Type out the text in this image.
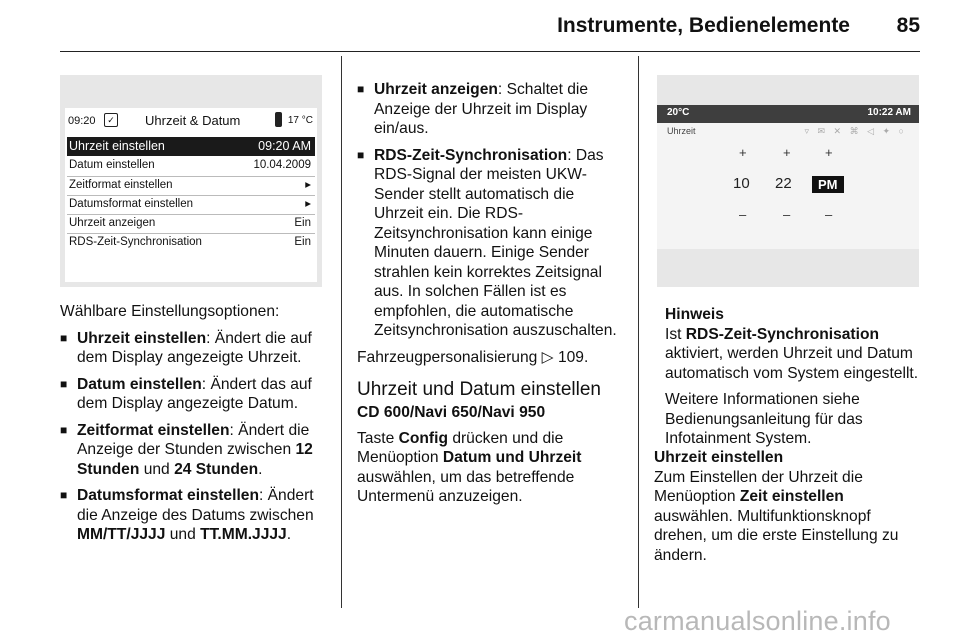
Instrumente, Bedienelemente 85
09:20	✓ Uhrzeit & Datum	17 °C
Uhrzeit einstellen	09:20 AM
Datum einstellen	10.04.2009
Zeitformat einstellen	▸
Datumsformat einstellen	▸
Uhrzeit anzeigen	Ein
RDS-Zeit-Synchronisation	Ein

Wählbare Einstellungsoptionen:

■ Uhrzeit einstellen: Ändert die auf dem Display angezeigte Uhrzeit.
■ Datum einstellen: Ändert das auf dem Display angezeigte Datum.
■ Zeitformat einstellen: Ändert die Anzeige der Stunden zwischen 12 Stunden und 24 Stunden.
■ Datumsformat einstellen: Ändert die Anzeige des Datums zwischen MM/TT/JJJJ und TT.MM.JJJJ.
■ Uhrzeit anzeigen: Schaltet die Anzeige der Uhrzeit im Display ein/aus.
■ RDS-Zeit-Synchronisation: Das RDS-Signal der meisten UKW-Sender stellt automatisch die Uhrzeit ein. Die RDS-Zeitsynchronisation kann einige Minuten dauern. Einige Sender strahlen kein korrektes Zeitsignal aus. In solchen Fällen ist es empfohlen, die automatische Zeitsynchronisation auszuschalten.

Fahrzeugpersonalisierung ▷ 109.

Uhrzeit und Datum einstellen
CD 600/Navi 650/Navi 950

Taste Config drücken und die Menüoption Datum und Uhrzeit auswählen, um das betreffende Untermenü anzuzeigen.

20°C	10:22 AM
Uhrzeit	▿ ✉ ✕ ⌘ ◁ ✦ ○
+	+	+
10 22	PM
–	–	–

Hinweis

Ist RDS-Zeit-Synchronisation aktiviert, werden Uhrzeit und Datum automatisch vom System eingestellt.

Weitere Informationen siehe Bedienungsanleitung für das Infotainment System.

Uhrzeit einstellen

Zum Einstellen der Uhrzeit die Menüoption Zeit einstellen auswählen. Multifunktionsknopf drehen, um die erste Einstellung zu ändern.

carmanualsonline.info
